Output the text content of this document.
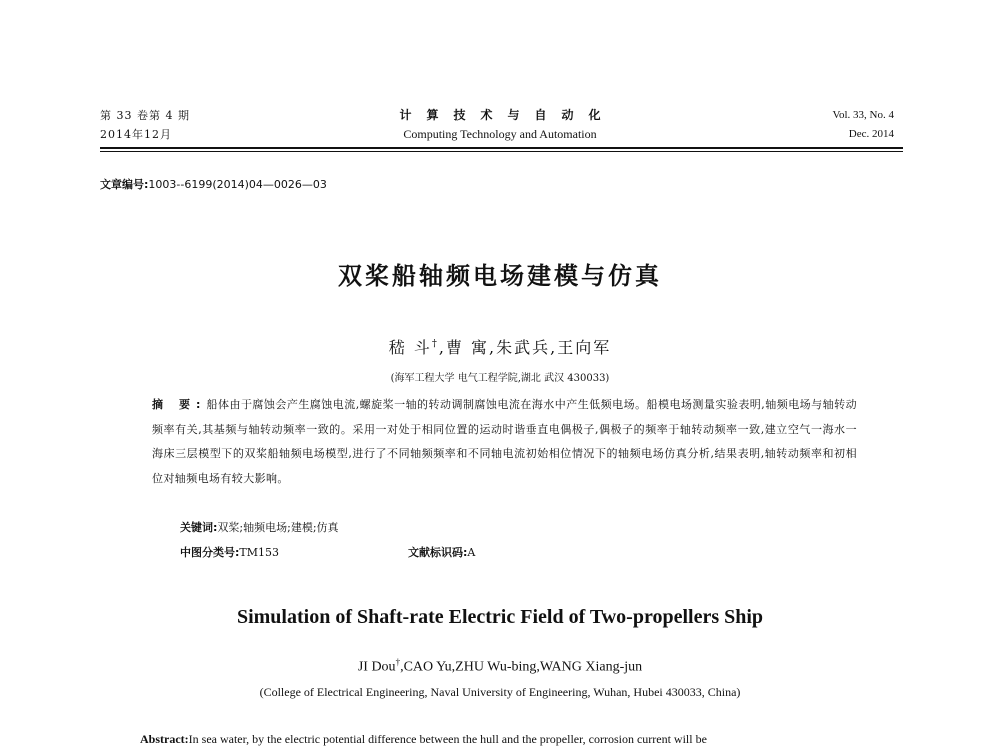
第 33 卷第 4 期
2014年12月
计算技术与自动化
Computing Technology and Automation
Vol. 33, No. 4
Dec. 2014
文章编号:1003--6199(2014)04—0026—03
双桨船轴频电场建模与仿真
嵇 斗†,曹 寓,朱武兵,王向军
(海军工程大学 电气工程学院,湖北 武汉 430033)
摘 要:船体由于腐蚀会产生腐蚀电流,螺旋桨一轴的转动调制腐蚀电流在海水中产生低频电场。船模电场测量实验表明,轴频电场与轴转动频率有关,其基频与轴转动频率一致的。采用一对处于相同位置的运动时谐垂直电偶极子,偶极子的频率于轴转动频率一致,建立空气一海水一海床三层模型下的双桨船轴频电场模型,进行了不同轴频频率和不同轴电流初始相位情况下的轴频电场仿真分析,结果表明,轴转动频率和初相位对轴频电场有较大影响。
关键词:双桨;轴频电场;建模;仿真
中图分类号:TM153	文献标识码:A
Simulation of Shaft-rate Electric Field of Two-propellers Ship
JI Dou†,CAO Yu,ZHU Wu-bing,WANG Xiang-jun
(College of Electrical Engineering, Naval University of Engineering, Wuhan, Hubei 430033, China)
Abstract:In sea water, by the electric potential difference between the hull and the propeller, corrosion current will be
